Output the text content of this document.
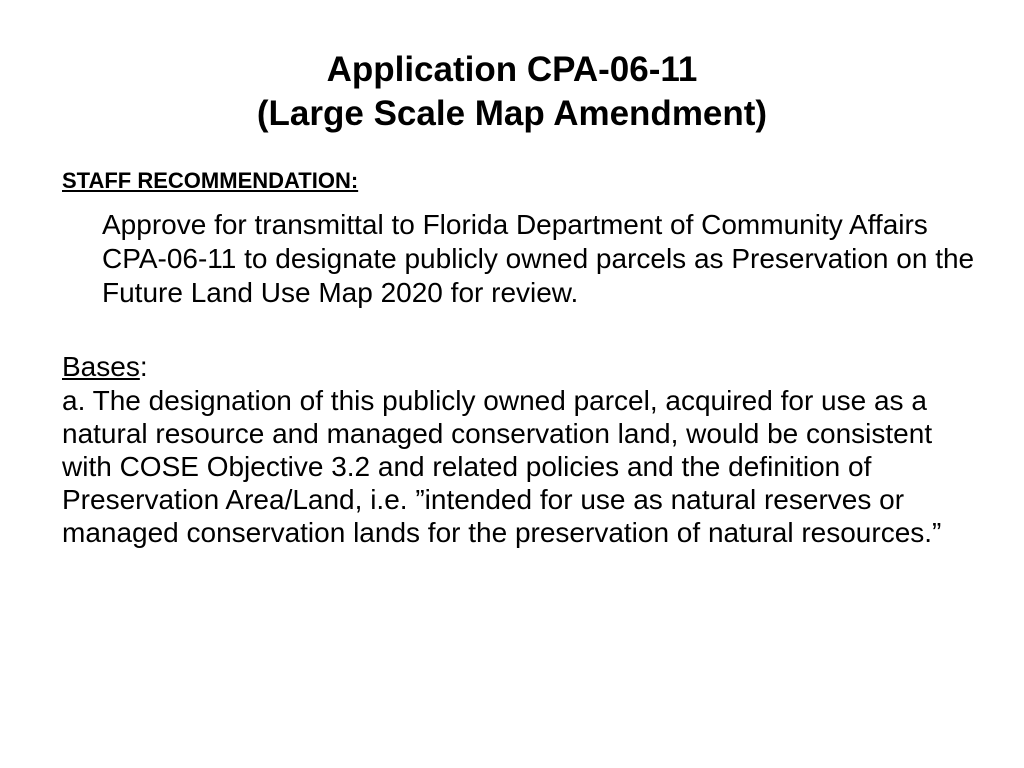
Application CPA-06-11
(Large Scale Map Amendment)
STAFF RECOMMENDATION:
Approve for transmittal to Florida Department of Community Affairs CPA-06-11 to designate publicly owned parcels as Preservation on the Future Land Use Map 2020 for review.
Bases:
a. The designation of this publicly owned parcel, acquired for use as a natural resource and managed conservation land, would be consistent with COSE Objective 3.2 and related policies and the definition of Preservation Area/Land, i.e. ”intended for use as natural reserves or managed conservation lands for the preservation of natural resources.”
